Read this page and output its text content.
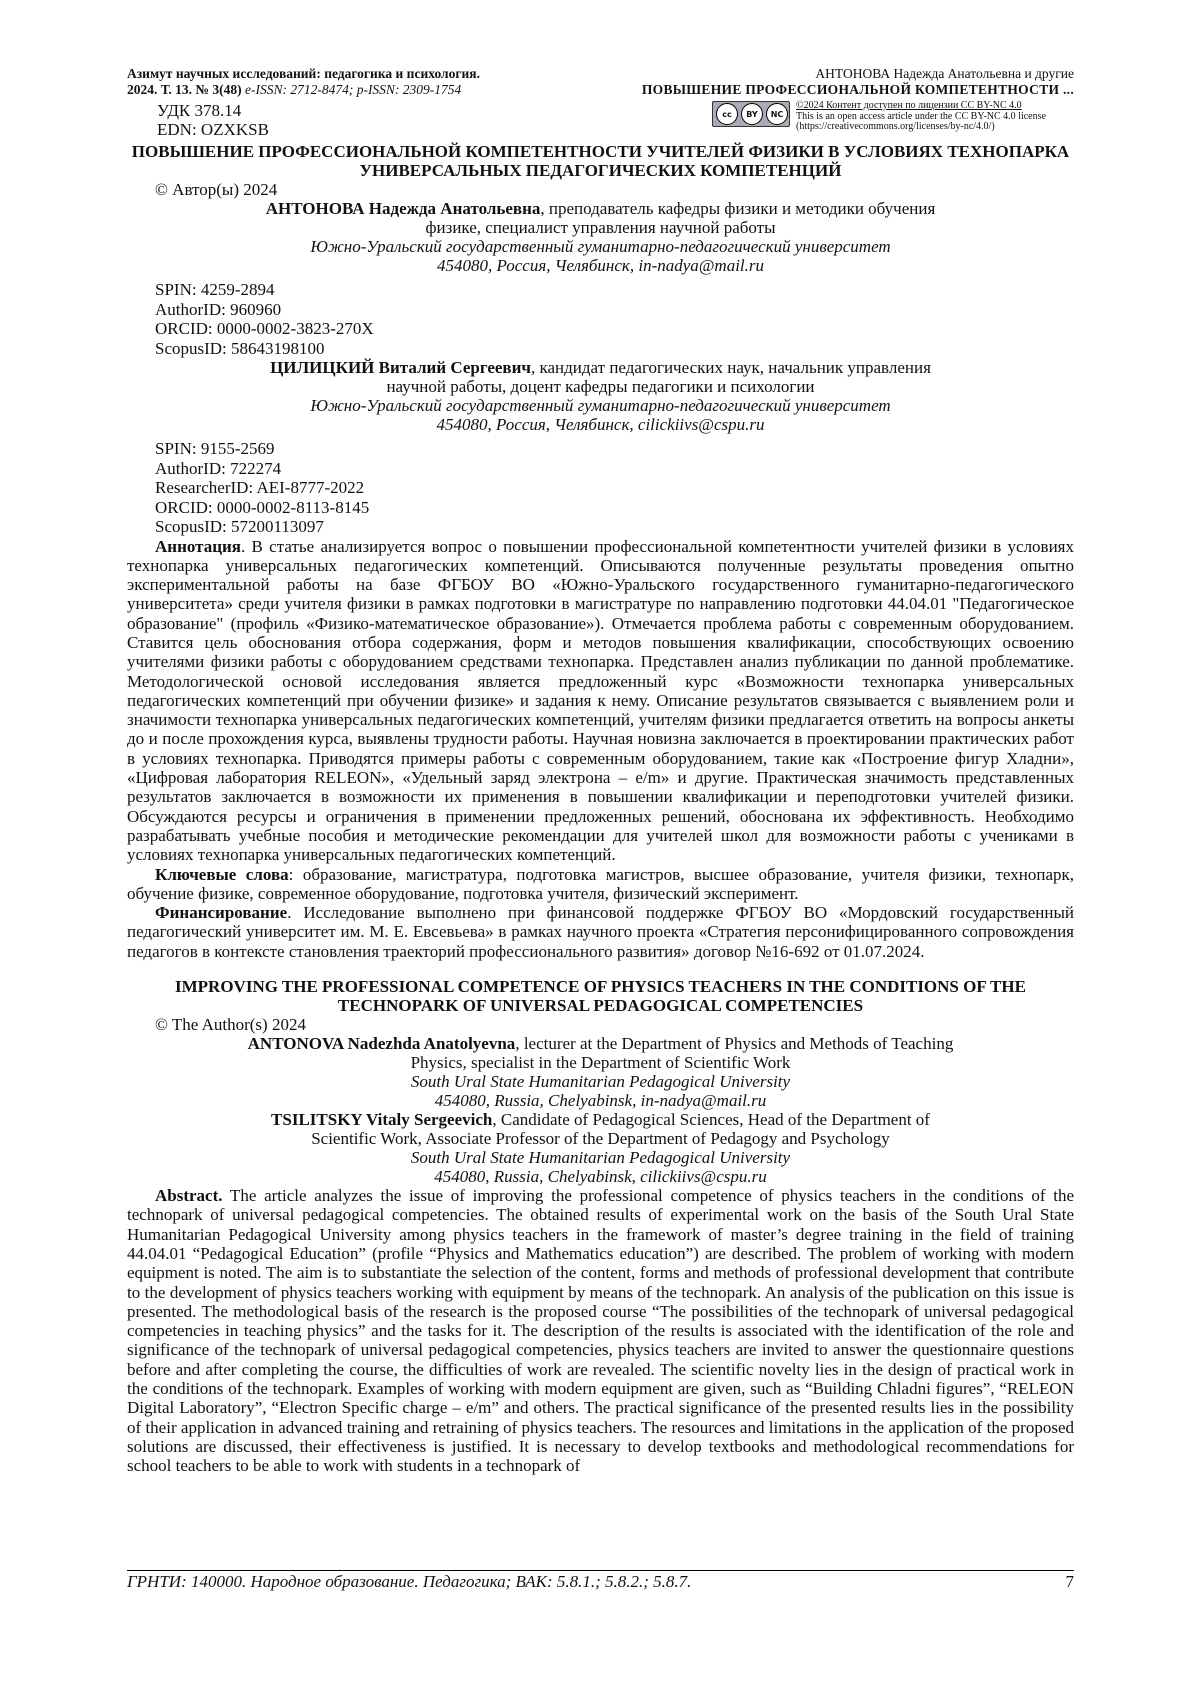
Азимут научных исследований: педагогика и психология.
2024. Т. 13. № 3(48) e-ISSN: 2712-8474; p-ISSN: 2309-1754
АНТОНОВА Надежда Анатольевна и другие
ПОВЫШЕНИЕ ПРОФЕССИОНАЛЬНОЙ КОМПЕТЕНТНОСТИ ...
УДК 378.14
EDN: OZXKSB
cc	BY	NC
©2024 Контент доступен по лицензии CC BY-NC 4.0
This is an open access article under the CC BY-NC 4.0 license
(https://creativecommons.org/licenses/by-nc/4.0/)
ПОВЫШЕНИЕ ПРОФЕССИОНАЛЬНОЙ КОМПЕТЕНТНОСТИ УЧИТЕЛЕЙ ФИЗИКИ В УСЛОВИЯХ ТЕХНОПАРКА УНИВЕРСАЛЬНЫХ ПЕДАГОГИЧЕСКИХ КОМПЕТЕНЦИЙ
© Автор(ы) 2024
АНТОНОВА Надежда Анатольевна, преподаватель кафедры физики и методики обучения физике, специалист управления научной работы
Южно-Уральский государственный гуманитарно-педагогический университет
454080, Россия, Челябинск, in-nadya@mail.ru
SPIN: 4259-2894
AuthorID: 960960
ORCID: 0000-0002-3823-270X
ScopusID: 58643198100
ЦИЛИЦКИЙ Виталий Сергеевич, кандидат педагогических наук, начальник управления научной работы, доцент кафедры педагогики и психологии
Южно-Уральский государственный гуманитарно-педагогический университет
454080, Россия, Челябинск, cilickiivs@cspu.ru
SPIN: 9155-2569
AuthorID: 722274
ResearcherID: AEI-8777-2022
ORCID: 0000-0002-8113-8145
ScopusID: 57200113097
Аннотация. В статье анализируется вопрос о повышении профессиональной компетентности учителей физики в условиях технопарка универсальных педагогических компетенций. Описываются полученные результаты проведения опытно экспериментальной работы на базе ФГБОУ ВО «Южно-Уральского государственного гуманитарно-педагогического университета» среди учителя физики в рамках подготовки в магистратуре по направлению подготовки 44.04.01 "Педагогическое образование" (профиль «Физико-математическое образование»). Отмечается проблема работы с современным оборудованием. Ставится цель обоснования отбора содержания, форм и методов повышения квалификации, способствующих освоению учителями физики работы с оборудованием средствами технопарка. Представлен анализ публикации по данной проблематике. Методологической основой исследования является предложенный курс «Возможности технопарка универсальных педагогических компетенций при обучении физике» и задания к нему. Описание результатов связывается с выявлением роли и значимости технопарка универсальных педагогических компетенций, учителям физики предлагается ответить на вопросы анкеты до и после прохождения курса, выявлены трудности работы. Научная новизна заключается в проектировании практических работ в условиях технопарка. Приводятся примеры работы с современным оборудованием, такие как «Построение фигур Хладни», «Цифровая лаборатория RELEON», «Удельный заряд электрона – e/m» и другие. Практическая значимость представленных результатов заключается в возможности их применения в повышении квалификации и переподготовки учителей физики. Обсуждаются ресурсы и ограничения в применении предложенных решений, обоснована их эффективность. Необходимо разрабатывать учебные пособия и методические рекомендации для учителей школ для возможности работы с учениками в условиях технопарка универсальных педагогических компетенций.
Ключевые слова: образование, магистратура, подготовка магистров, высшее образование, учителя физики, технопарк, обучение физике, современное оборудование, подготовка учителя, физический эксперимент.
Финансирование. Исследование выполнено при финансовой поддержке ФГБОУ ВО «Мордовский государственный педагогический университет им. М. Е. Евсевьева» в рамках научного проекта «Стратегия персонифицированного сопровождения педагогов в контексте становления траекторий профессионального развития» договор №16-692 от 01.07.2024.
IMPROVING THE PROFESSIONAL COMPETENCE OF PHYSICS TEACHERS IN THE CONDITIONS OF THE TECHNOPARK OF UNIVERSAL PEDAGOGICAL COMPETENCIES
© The Author(s) 2024
ANTONOVA Nadezhda Anatolyevna, lecturer at the Department of Physics and Methods of Teaching Physics, specialist in the Department of Scientific Work
South Ural State Humanitarian Pedagogical University
454080, Russia, Chelyabinsk, in-nadya@mail.ru
TSILITSKY Vitaly Sergeevich, Candidate of Pedagogical Sciences, Head of the Department of Scientific Work, Associate Professor of the Department of Pedagogy and Psychology
South Ural State Humanitarian Pedagogical University
454080, Russia, Chelyabinsk, cilickiivs@cspu.ru
Abstract. The article analyzes the issue of improving the professional competence of physics teachers in the conditions of the technopark of universal pedagogical competencies. The obtained results of experimental work on the basis of the South Ural State Humanitarian Pedagogical University among physics teachers in the framework of master’s degree training in the field of training 44.04.01 “Pedagogical Education” (profile “Physics and Mathematics education”) are described. The problem of working with modern equipment is noted. The aim is to substantiate the selection of the content, forms and methods of professional development that contribute to the development of physics teachers working with equipment by means of the technopark. An analysis of the publication on this issue is presented. The methodological basis of the research is the proposed course “The possibilities of the technopark of universal pedagogical competencies in teaching physics” and the tasks for it. The description of the results is associated with the identification of the role and significance of the technopark of universal pedagogical competencies, physics teachers are invited to answer the questionnaire questions before and after completing the course, the difficulties of work are revealed. The scientific novelty lies in the design of practical work in the conditions of the technopark. Examples of working with modern equipment are given, such as “Building Chladni figures”, “RELEON Digital Laboratory”, “Electron Specific charge – e/m” and others. The practical significance of the presented results lies in the possibility of their application in advanced training and retraining of physics teachers. The resources and limitations in the application of the proposed solutions are discussed, their effectiveness is justified. It is necessary to develop textbooks and methodological recommendations for school teachers to be able to work with students in a technopark of
ГРНТИ: 140000. Народное образование. Педагогика; ВАК: 5.8.1.; 5.8.2.; 5.8.7.	7
